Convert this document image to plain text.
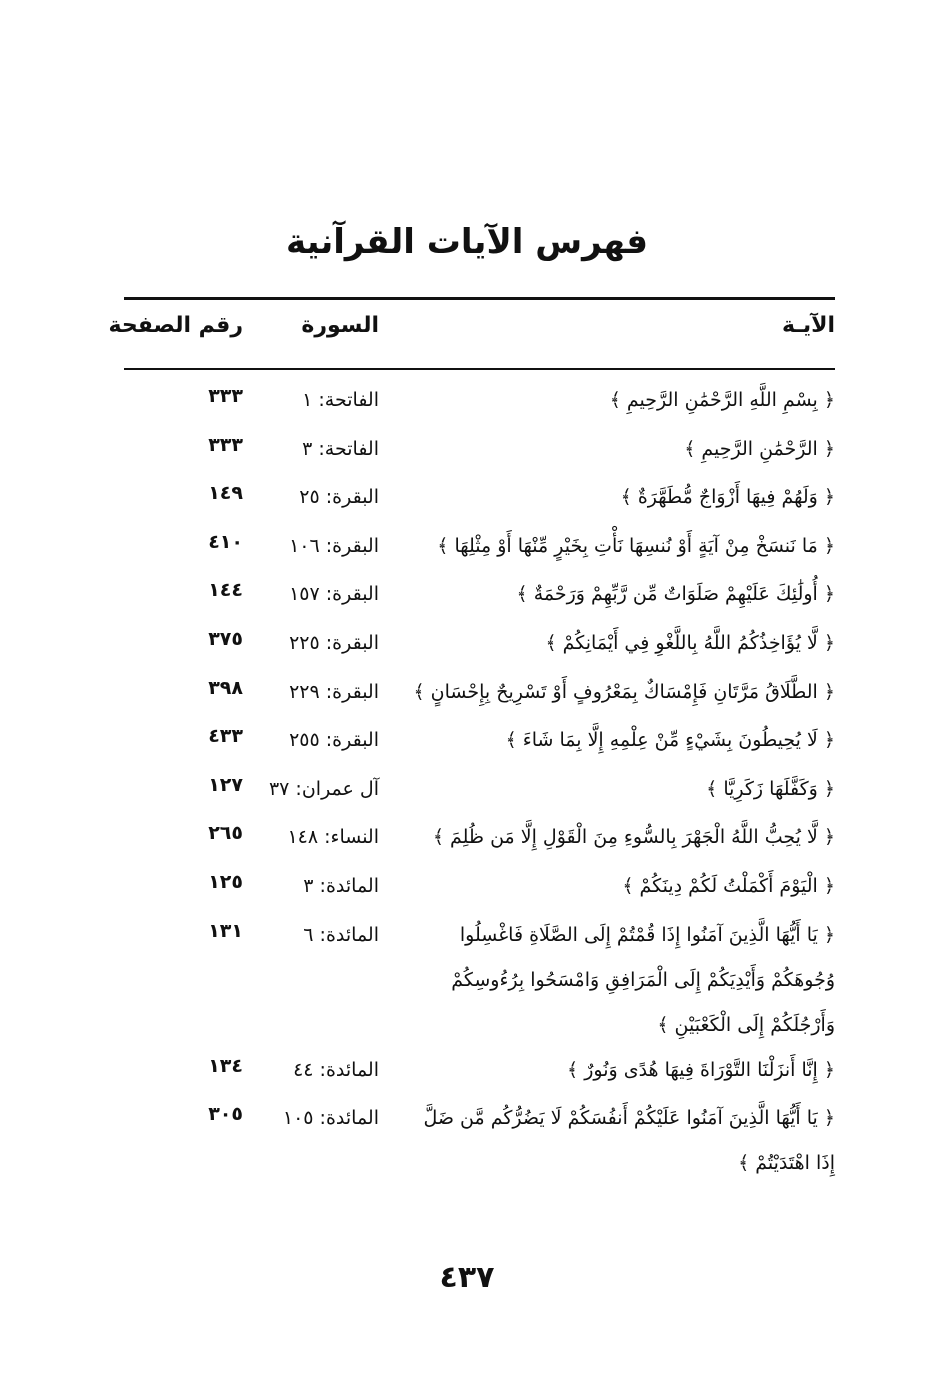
فهرس الآيات القرآنية
الآيـة
السورة
رقم الصفحة
﴿ بِسْمِ اللَّهِ الرَّحْمَٰنِ الرَّحِيمِ ﴾
الفاتحة: ١
٣٣٣
﴿ الرَّحْمَٰنِ الرَّحِيمِ ﴾
الفاتحة: ٣
٣٣٣
﴿ وَلَهُمْ فِيهَا أَزْوَاجٌ مُّطَهَّرَةٌ ﴾
البقرة: ٢٥
١٤٩
﴿ مَا نَنسَخْ مِنْ آيَةٍ أَوْ نُنسِهَا نَأْتِ بِخَيْرٍ مِّنْهَا أَوْ مِثْلِهَا ﴾
البقرة: ١٠٦
٤١٠
﴿ أُولَٰئِكَ عَلَيْهِمْ صَلَوَاتٌ مِّن رَّبِّهِمْ وَرَحْمَةٌ ﴾
البقرة: ١٥٧
١٤٤
﴿ لَّا يُؤَاخِذُكُمُ اللَّهُ بِاللَّغْوِ فِي أَيْمَانِكُمْ ﴾
البقرة: ٢٢٥
٣٧٥
﴿ الطَّلَاقُ مَرَّتَانِ فَإِمْسَاكٌ بِمَعْرُوفٍ أَوْ تَسْرِيحٌ بِإِحْسَانٍ ﴾
البقرة: ٢٢٩
٣٩٨
﴿ لَا يُحِيطُونَ بِشَيْءٍ مِّنْ عِلْمِهِ إِلَّا بِمَا شَاءَ ﴾
البقرة: ٢٥٥
٤٣٣
﴿ وَكَفَّلَهَا زَكَرِيَّا ﴾
آل عمران: ٣٧
١٢٧
﴿ لَّا يُحِبُّ اللَّهُ الْجَهْرَ بِالسُّوءِ مِنَ الْقَوْلِ إِلَّا مَن ظُلِمَ ﴾
النساء: ١٤٨
٢٦٥
﴿ الْيَوْمَ أَكْمَلْتُ لَكُمْ دِينَكُمْ ﴾
المائدة: ٣
١٢٥
﴿ يَا أَيُّهَا الَّذِينَ آمَنُوا إِذَا قُمْتُمْ إِلَى الصَّلَاةِ فَاغْسِلُوا وُجُوهَكُمْ وَأَيْدِيَكُمْ إِلَى الْمَرَافِقِ وَامْسَحُوا بِرُءُوسِكُمْ وَأَرْجُلَكُمْ إِلَى الْكَعْبَيْنِ ﴾
المائدة: ٦
١٣١
﴿ إِنَّا أَنزَلْنَا التَّوْرَاةَ فِيهَا هُدًى وَنُورٌ ﴾
المائدة: ٤٤
١٣٤
﴿ يَا أَيُّهَا الَّذِينَ آمَنُوا عَلَيْكُمْ أَنفُسَكُمْ لَا يَضُرُّكُم مَّن ضَلَّ إِذَا اهْتَدَيْتُمْ ﴾
المائدة: ١٠٥
٣٠٥
٤٣٧
